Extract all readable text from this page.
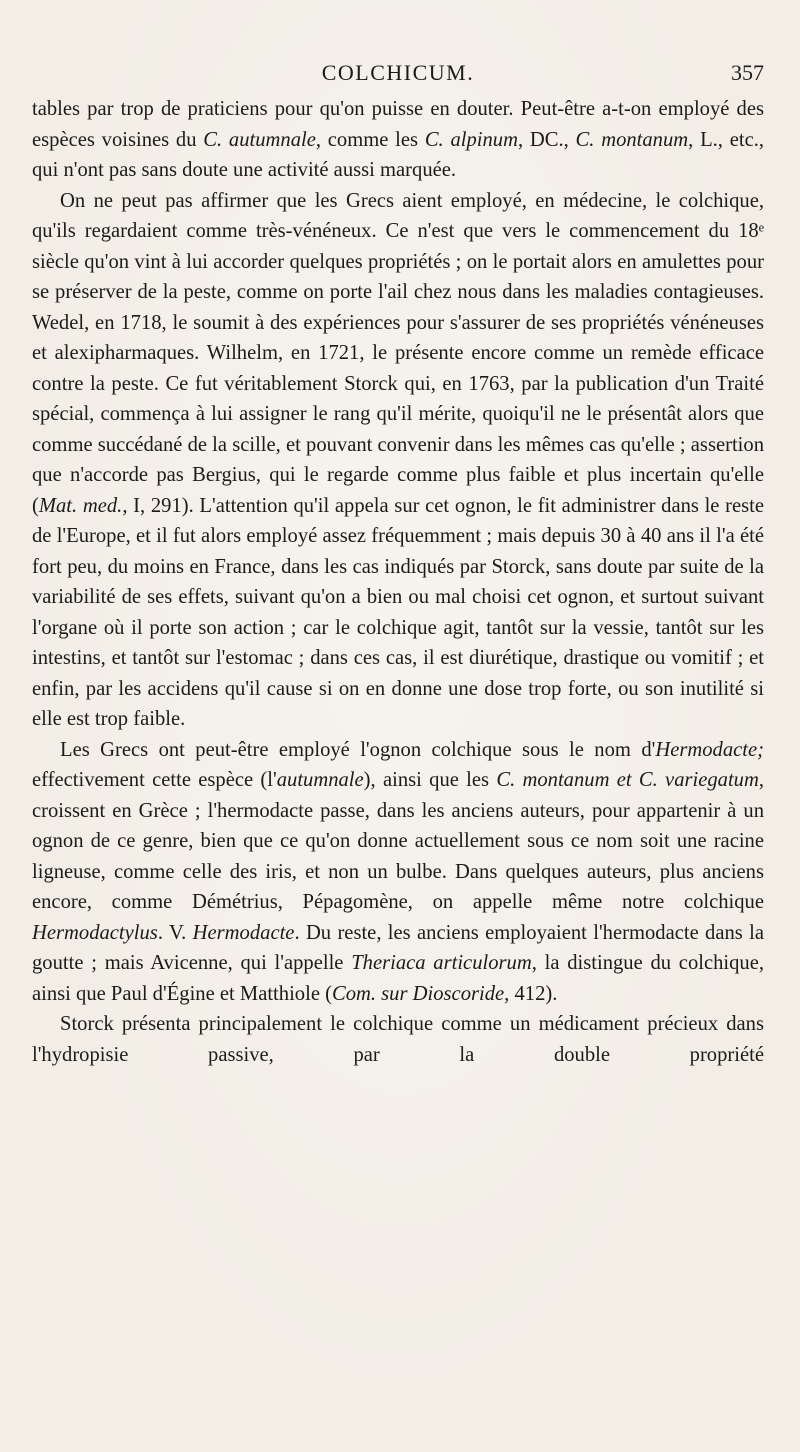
COLCHICUM.	357

tables par trop de praticiens pour qu'on puisse en douter. Peut-être a-t-on employé des espèces voisines du C. autumnale, comme les C. alpinum, DC., C. montanum, L., etc., qui n'ont pas sans doute une activité aussi marquée.

On ne peut pas affirmer que les Grecs aient employé, en médecine, le colchique, qu'ils regardaient comme très-vénéneux. Ce n'est que vers le commencement du 18ᵉ siècle qu'on vint à lui accorder quelques propriétés ; on le portait alors en amulettes pour se préserver de la peste, comme on porte l'ail chez nous dans les maladies contagieuses. Wedel, en 1718, le soumit à des expériences pour s'assurer de ses propriétés vénéneuses et alexipharmaques. Wilhelm, en 1721, le présente encore comme un remède efficace contre la peste. Ce fut véritablement Storck qui, en 1763, par la publication d'un Traité spécial, commença à lui assigner le rang qu'il mérite, quoiqu'il ne le présentât alors que comme succédané de la scille, et pouvant convenir dans les mêmes cas qu'elle ; assertion que n'accorde pas Bergius, qui le regarde comme plus faible et plus incertain qu'elle (Mat. med., I, 291). L'attention qu'il appela sur cet ognon, le fit administrer dans le reste de l'Europe, et il fut alors employé assez fréquemment ; mais depuis 30 à 40 ans il l'a été fort peu, du moins en France, dans les cas indiqués par Storck, sans doute par suite de la variabilité de ses effets, suivant qu'on a bien ou mal choisi cet ognon, et surtout suivant l'organe où il porte son action ; car le colchique agit, tantôt sur la vessie, tantôt sur les intestins, et tantôt sur l'estomac ; dans ces cas, il est diurétique, drastique ou vomitif ; et enfin, par les accidens qu'il cause si on en donne une dose trop forte, ou son inutilité si elle est trop faible.

Les Grecs ont peut-être employé l'ognon colchique sous le nom d'Hermodacte; effectivement cette espèce (l'autumnale), ainsi que les C. montanum et C. variegatum, croissent en Grèce ; l'hermodacte passe, dans les anciens auteurs, pour appartenir à un ognon de ce genre, bien que ce qu'on donne actuellement sous ce nom soit une racine ligneuse, comme celle des iris, et non un bulbe. Dans quelques auteurs, plus anciens encore, comme Démétrius, Pépagomène, on appelle même notre colchique Hermodactylus. V. Hermodacte. Du reste, les anciens employaient l'hermodacte dans la goutte ; mais Avicenne, qui l'appelle Theriaca articulorum, la distingue du colchique, ainsi que Paul d'Égine et Matthiole (Com. sur Dioscoride, 412).

Storck présenta principalement le colchique comme un médicament précieux dans l'hydropisie passive, par la double propriété
